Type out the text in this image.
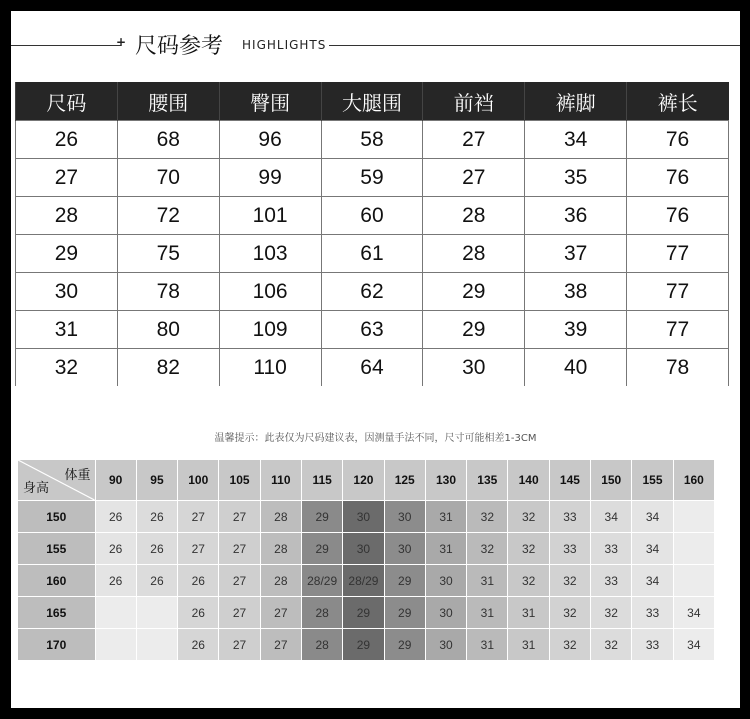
+ 尺码参考 HIGHLIGHTS
尺码	腰围	臀围	大腿围	前裆	裤脚	裤长
26	68	96	58	27	34	76
27	70	99	59	27	35	76
28	72	101	60	28	36	76
29	75	103	61	28	37	77
30	78	106	62	29	38	77
31	80	109	63	29	39	77
32	82	110	64	30	40	78
温馨提示：此表仅为尺码建议表，因测量手法不同，尺寸可能相差1-3CM
体重
身高	90	95	100	105	110	115	120	125	130	135	140	145	150	155	160
150	26	26	27	27	28	29	30	30	31	32	32	33	34	34	
155	26	26	27	27	28	29	30	30	31	32	32	33	33	34	
160	26	26	26	27	28	28/29	28/29	29	30	31	32	32	33	34	
165			26	27	27	28	29	29	30	31	31	32	32	33	34
170			26	27	27	28	29	29	30	31	31	32	32	33	34
